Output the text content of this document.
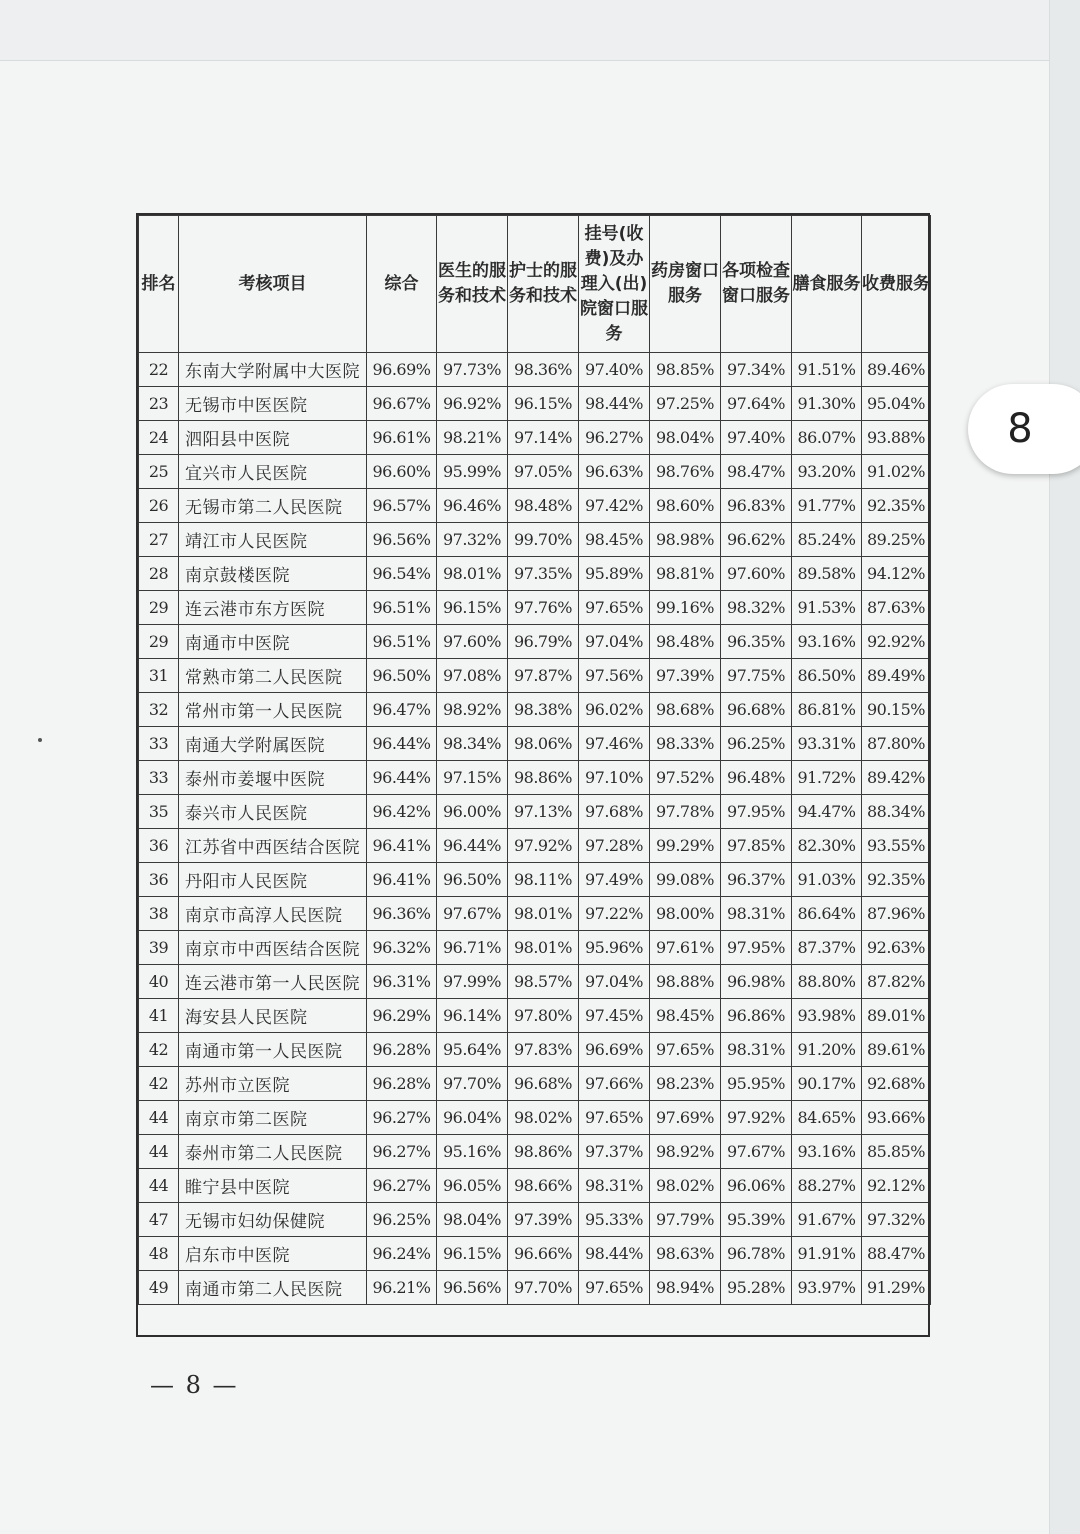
排名	考核项目	综合	医生的服务和技术	护士的服务和技术	挂号(收费)及办理入(出)院窗口服务	药房窗口服务	各项检查窗口服务	膳食服务	收费服务
22	东南大学附属中大医院	96.69%	97.73%	98.36%	97.40%	98.85%	97.34%	91.51%	89.46%
23	无锡市中医医院	96.67%	96.92%	96.15%	98.44%	97.25%	97.64%	91.30%	95.04%
24	泗阳县中医院	96.61%	98.21%	97.14%	96.27%	98.04%	97.40%	86.07%	93.88%
25	宜兴市人民医院	96.60%	95.99%	97.05%	96.63%	98.76%	98.47%	93.20%	91.02%
26	无锡市第二人民医院	96.57%	96.46%	98.48%	97.42%	98.60%	96.83%	91.77%	92.35%
27	靖江市人民医院	96.56%	97.32%	99.70%	98.45%	98.98%	96.62%	85.24%	89.25%
28	南京鼓楼医院	96.54%	98.01%	97.35%	95.89%	98.81%	97.60%	89.58%	94.12%
29	连云港市东方医院	96.51%	96.15%	97.76%	97.65%	99.16%	98.32%	91.53%	87.63%
29	南通市中医院	96.51%	97.60%	96.79%	97.04%	98.48%	96.35%	93.16%	92.92%
31	常熟市第二人民医院	96.50%	97.08%	97.87%	97.56%	97.39%	97.75%	86.50%	89.49%
32	常州市第一人民医院	96.47%	98.92%	98.38%	96.02%	98.68%	96.68%	86.81%	90.15%
33	南通大学附属医院	96.44%	98.34%	98.06%	97.46%	98.33%	96.25%	93.31%	87.80%
33	泰州市姜堰中医院	96.44%	97.15%	98.86%	97.10%	97.52%	96.48%	91.72%	89.42%
35	泰兴市人民医院	96.42%	96.00%	97.13%	97.68%	97.78%	97.95%	94.47%	88.34%
36	江苏省中西医结合医院	96.41%	96.44%	97.92%	97.28%	99.29%	97.85%	82.30%	93.55%
36	丹阳市人民医院	96.41%	96.50%	98.11%	97.49%	99.08%	96.37%	91.03%	92.35%
38	南京市高淳人民医院	96.36%	97.67%	98.01%	97.22%	98.00%	98.31%	86.64%	87.96%
39	南京市中西医结合医院	96.32%	96.71%	98.01%	95.96%	97.61%	97.95%	87.37%	92.63%
40	连云港市第一人民医院	96.31%	97.99%	98.57%	97.04%	98.88%	96.98%	88.80%	87.82%
41	海安县人民医院	96.29%	96.14%	97.80%	97.45%	98.45%	96.86%	93.98%	89.01%
42	南通市第一人民医院	96.28%	95.64%	97.83%	96.69%	97.65%	98.31%	91.20%	89.61%
42	苏州市立医院	96.28%	97.70%	96.68%	97.66%	98.23%	95.95%	90.17%	92.68%
44	南京市第二医院	96.27%	96.04%	98.02%	97.65%	97.69%	97.92%	84.65%	93.66%
44	泰州市第二人民医院	96.27%	95.16%	98.86%	97.37%	98.92%	97.67%	93.16%	85.85%
44	睢宁县中医院	96.27%	96.05%	98.66%	98.31%	98.02%	96.06%	88.27%	92.12%
47	无锡市妇幼保健院	96.25%	98.04%	97.39%	95.33%	97.79%	95.39%	91.67%	97.32%
48	启东市中医院	96.24%	96.15%	96.66%	98.44%	98.63%	96.78%	91.91%	88.47%
49	南通市第二人民医院	96.21%	96.56%	97.70%	97.65%	98.94%	95.28%	93.97%	91.29%
— 8 —
8
